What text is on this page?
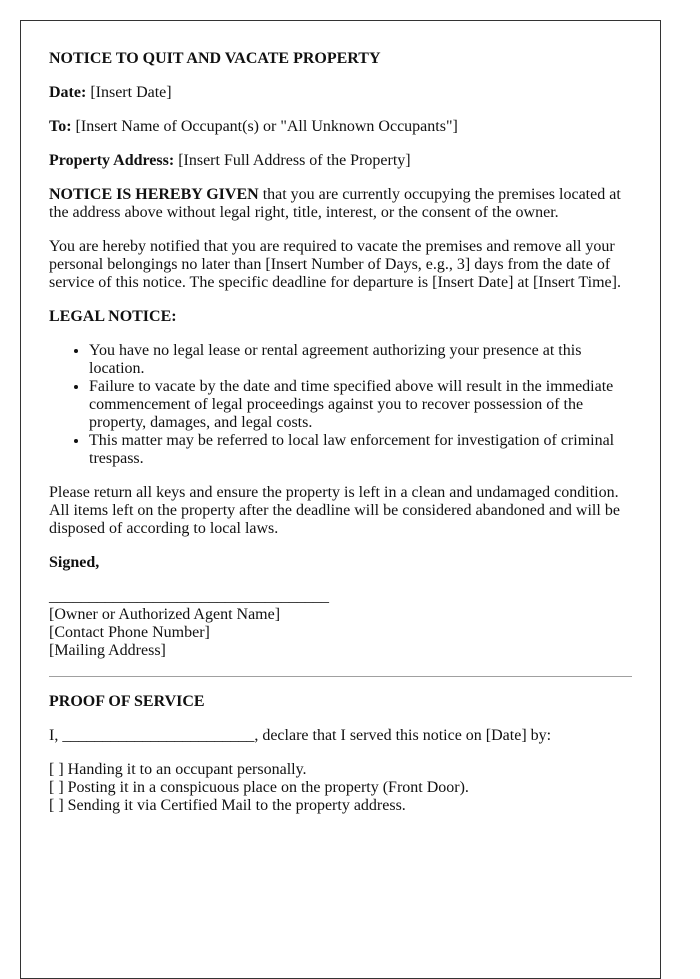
NOTICE TO QUIT AND VACATE PROPERTY

Date: [Insert Date]

To: [Insert Name of Occupant(s) or "All Unknown Occupants"]

Property Address: [Insert Full Address of the Property]

NOTICE IS HEREBY GIVEN that you are currently occupying the premises located at the address above without legal right, title, interest, or the consent of the owner.

You are hereby notified that you are required to vacate the premises and remove all your personal belongings no later than [Insert Number of Days, e.g., 3] days from the date of service of this notice. The specific deadline for departure is [Insert Date] at [Insert Time].

LEGAL NOTICE:

• You have no legal lease or rental agreement authorizing your presence at this location.
• Failure to vacate by the date and time specified above will result in the immediate commencement of legal proceedings against you to recover possession of the property, damages, and legal costs.
• This matter may be referred to local law enforcement for investigation of criminal trespass.

Please return all keys and ensure the property is left in a clean and undamaged condition. All items left on the property after the deadline will be considered abandoned and will be disposed of according to local laws.

Signed,

___________________________________
[Owner or Authorized Agent Name]
[Contact Phone Number]
[Mailing Address]

PROOF OF SERVICE

I, ________________________, declare that I served this notice on [Date] by:

[ ] Handing it to an occupant personally.
[ ] Posting it in a conspicuous place on the property (Front Door).
[ ] Sending it via Certified Mail to the property address.
